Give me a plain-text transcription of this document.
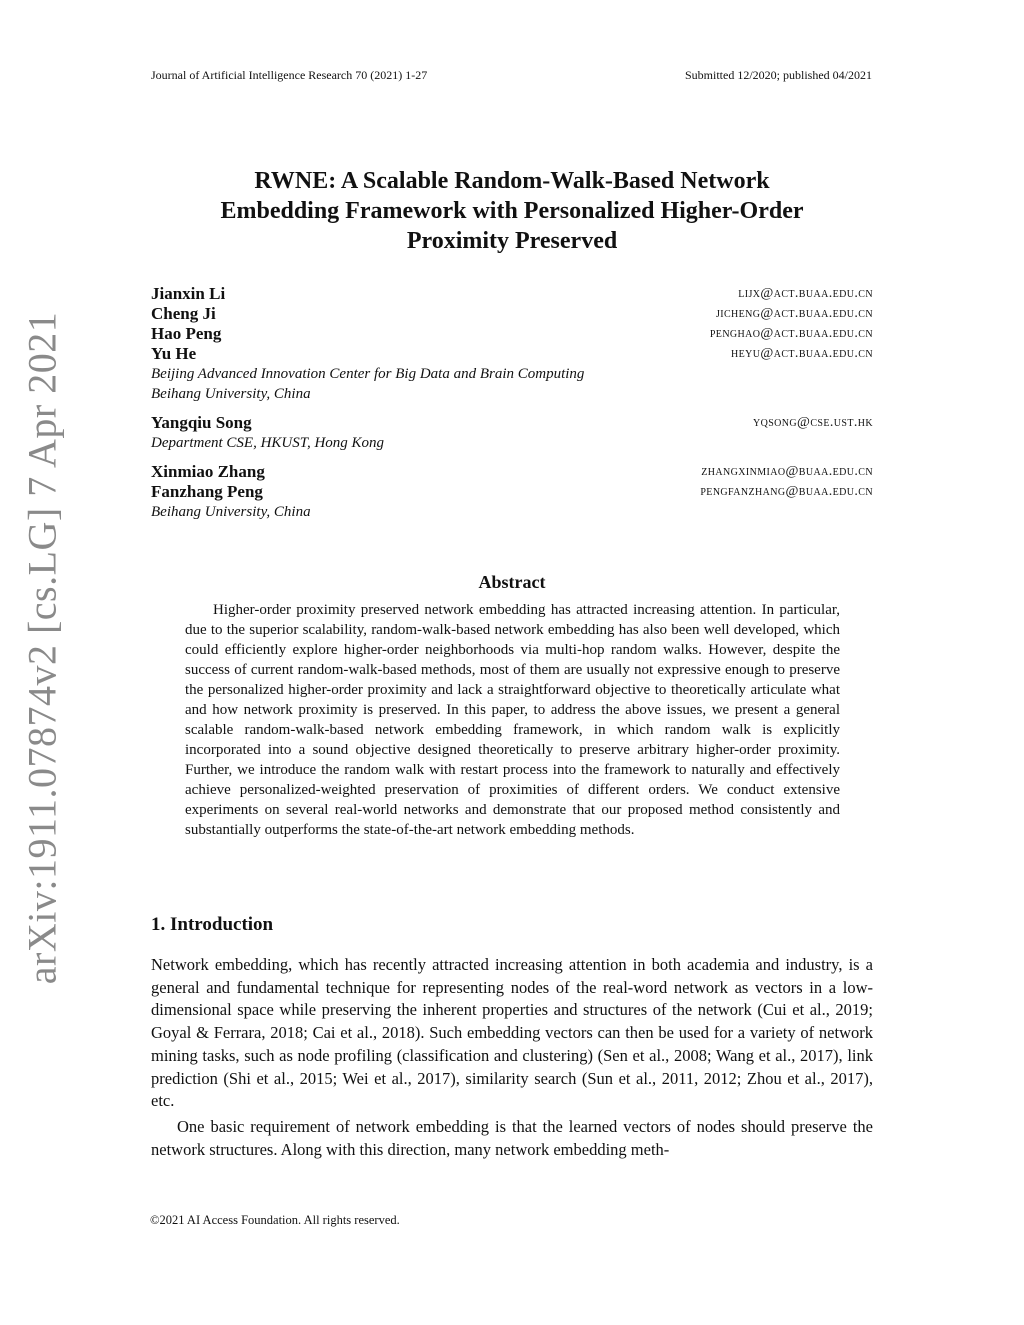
arXiv:1911.07874v2 [cs.LG] 7 Apr 2021
Journal of Artificial Intelligence Research 70 (2021) 1-27	Submitted 12/2020; published 04/2021
RWNE: A Scalable Random-Walk-Based Network
Embedding Framework with Personalized Higher-Order
Proximity Preserved
Jianxin Li	lijx@act.buaa.edu.cn
Cheng Ji	jicheng@act.buaa.edu.cn
Hao Peng	penghao@act.buaa.edu.cn
Yu He	heyu@act.buaa.edu.cn
Beijing Advanced Innovation Center for Big Data and Brain Computing
Beihang University, China
Yangqiu Song	yqsong@cse.ust.hk
Department CSE, HKUST, Hong Kong
Xinmiao Zhang	zhangxinmiao@buaa.edu.cn
Fanzhang Peng	pengfanzhang@buaa.edu.cn
Beihang University, China
Abstract
Higher-order proximity preserved network embedding has attracted increasing attention. In particular, due to the superior scalability, random-walk-based network embedding has also been well developed, which could efficiently explore higher-order neighborhoods via multi-hop random walks. However, despite the success of current random-walk-based methods, most of them are usually not expressive enough to preserve the personalized higher-order proximity and lack a straightforward objective to theoretically articulate what and how network proximity is preserved. In this paper, to address the above issues, we present a general scalable random-walk-based network embedding framework, in which random walk is explicitly incorporated into a sound objective designed theoretically to preserve arbitrary higher-order proximity. Further, we introduce the random walk with restart process into the framework to naturally and effectively achieve personalized-weighted preservation of proximities of different orders. We conduct extensive experiments on several real-world networks and demonstrate that our proposed method consistently and substantially outperforms the state-of-the-art network embedding methods.
1. Introduction

Network embedding, which has recently attracted increasing attention in both academia and industry, is a general and fundamental technique for representing nodes of the real-word network as vectors in a low-dimensional space while preserving the inherent properties and structures of the network (Cui et al., 2019; Goyal & Ferrara, 2018; Cai et al., 2018). Such embedding vectors can then be used for a variety of network mining tasks, such as node profiling (classification and clustering) (Sen et al., 2008; Wang et al., 2017), link prediction (Shi et al., 2015; Wei et al., 2017), similarity search (Sun et al., 2011, 2012; Zhou et al., 2017), etc.

One basic requirement of network embedding is that the learned vectors of nodes should preserve the network structures. Along with this direction, many network embedding meth-

©2021 AI Access Foundation. All rights reserved.
